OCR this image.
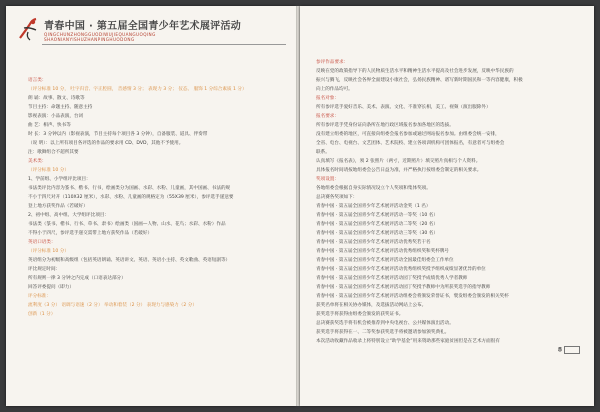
青春中国 · 第五届全国青少年艺术展评活动
QINGCHUNZHONGGUODIWUJIEQUANGUOQING
SHAONIANYISHUZHANPINGHUODONG
语言类：
（评分标准 10 分， 吐字归音、字正腔圆， 音感情 3 分； 表现力 3 分； 仪态、 服饰 1 分综合素质 1 分）
朗 诵：故事、散文、诗歌等
节目主持：命题主持、随意主持
影视表演：小品表演，台词
曲 艺：相声、快书等
时 长：3 分钟以内（影视表演，节目主持每个项目各 3 分钟），自备服装、道具、伴奏带
（说 明）：以上所有项目各评选的作品的要求用 CD、DVD，其他不予使用。
注：歌舞组合不超所其要
美术类：
（评分标准 10 分）
1、学前组、小学组评比项目：
书法类评比内容为篆书、楷书、行书，绘画类分为国画、水彩、水粉、儿童画，其中国画、书法的规
不小于四尺对开（110X32 厘米），水彩、水粉、儿童画的规格定为（55X39 厘米），参评选手递送要
登上地方获奖作品（若破好）
2、初中组、高中组、大学组评比项目：
书法类（篆书、楷书、行书、草书、隶书）绘画类（国画—人物、山水、花鸟；水彩、水粉）作品
不得小于四尺，参评选手递交需带上地方获奖作品（若破好）
英语口语类：
（评分标准 10 分）
英语组分为初级和高级组（包括英语朗诵、英语讲文、英语、英语小主持、英文歌曲、英语短剧等）
评比规定时间：
所有规则一律 3 分钟之内完成（口语表达部分）
回答评委提问（即力）
评分标准：
流利度（3 分） 语调与语速（2 分） 举动和着装（2 分） 表现力与感染力（2 分）
创新（1 分）
参评作品要求：
反映在党的政策指导下的人民物质生活水平和精神生活水平提高及社会进步发展，反映中华民族的
振兴与腾飞，反映社会各界全面建设小康社会，弘扬民族精神、谱写新时期国民和一等内容健康，积极
向上的作品均可。
报名对象：
所有参评选手爱好音乐、美术、表演、文化、不准穿长相，美工、视频（演出服除外）
报名要求：
所有参评选手凭身份证向条所在地行政区域报名参加各地区的选拔。
没有建立组委的地区，可直接向组委会报名参加或通过网站报名参加。由组委会统一安排，
全省、电台、电视台、文艺团体、艺术院校、建立各项训机构可团体报名，有意者可与组委会
联系。
认真填写《报名表》，须 2 张照片（两寸，近期照片）填交照片真相与个人资料。
具体报名时间请按地组委会公告日益为准，并严格执行按组委会制定的相关要求。
奖项设置：
各地组委会根据自身实际情况设立个人奖项和集体奖项。
总决赛各奖项如下：
青春中国 · 第五届全国青少年艺术展评活动金奖（1 名）
青春中国 · 第五届全国青少年艺术展评活动一等奖（10 名）
青春中国 · 第五届全国青少年艺术展评活动二等奖（20 名）
青春中国 · 第五届全国青少年艺术展评活动三等奖（30 名）
青春中国 · 第五届全国青少年艺术展评活动优秀奖若干名
青春中国 · 第五届全国青少年艺术展评活动优秀组织奖和奖杯牌号
青春中国 · 第五届全国青少年艺术展评活动全国最佳组委会工作单位
青春中国 · 第五届全国青少年艺术展评活动优秀组织奖授予组织成绩显著优异的单位
青春中国 · 第五届全国青少年艺术展评活动园丁奖授予成绩优秀人学者教师
青春中国 · 第五届全国青少年艺术展评活动园丁奖授予教师中为所获奖选手的指导教师
青春中国 · 第五届全国青少年艺术展评活动组委会将颁发荣誉证书，褒发组委会颁发的相关奖杯
获奖名单将在相关协办媒体，及选拔活动网站上公布。
获奖选手将获得由组委会颁发的获奖证书。
总决赛获奖选手将有机会被推荐到中央电视台、公共媒体演出活动。
获奖选手将获得在一、二等奖参获奖选手将被邀请参加颁奖典礼。
本次活动收藏作品收录上将特别设立“助学基金”用来资助那些家庭贫困但是在艺术方面很有
8
